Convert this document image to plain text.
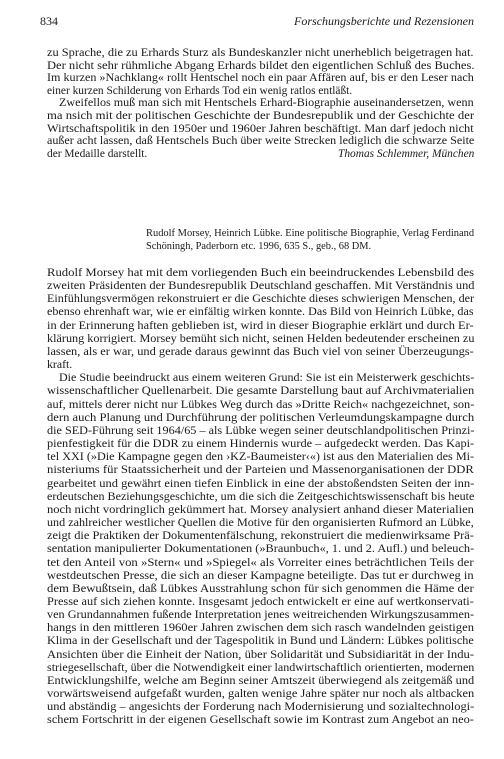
834	Forschungsberichte und Rezensionen
zu Sprache, die zu Erhards Sturz als Bundeskanzler nicht unerheblich beigetragen hat.
Der nicht sehr rühmliche Abgang Erhards bildet den eigentlichen Schluß des Buches.
Im kurzen »Nachklang« rollt Hentschel noch ein paar Affären auf, bis er den Leser nach
einer kurzen Schilderung von Erhards Tod ein wenig ratlos entläßt.
Zweifellos muß man sich mit Hentschels Erhard-Biographie auseinandersetzen, wenn
ma nsich mit der politischen Geschichte der Bundesrepublik und der Geschichte der
Wirtschaftspolitik in den 1950er und 1960er Jahren beschäftigt. Man darf jedoch nicht
außer acht lassen, daß Hentschels Buch über weite Strecken lediglich die schwarze Seite
der Medaille darstellt.	Thomas Schlemmer, München
Rudolf Morsey, Heinrich Lübke. Eine politische Biographie, Verlag Ferdinand
Schöningh, Paderborn etc. 1996, 635 S., geb., 68 DM.
Rudolf Morsey hat mit dem vorliegenden Buch ein beeindruckendes Lebensbild des
zweiten Präsidenten der Bundesrepublik Deutschland geschaffen. Mit Verständnis und
Einfühlungsvermögen rekonstruiert er die Geschichte dieses schwierigen Menschen, der
ebenso ehrenhaft war, wie er einfältig wirken konnte. Das Bild von Heinrich Lübke, das
in der Erinnerung haften geblieben ist, wird in dieser Biographie erklärt und durch Er-
klärung korrigiert. Morsey bemüht sich nicht, seinen Helden bedeutender erscheinen zu
lassen, als er war, und gerade daraus gewinnt das Buch viel von seiner Überzeugungs-
kraft.
Die Studie beeindruckt aus einem weiteren Grund: Sie ist ein Meisterwerk geschichts-
wissenschaftlicher Quellenarbeit. Die gesamte Darstellung baut auf Archivmaterialien
auf, mittels derer nicht nur Lübkes Weg durch das »Dritte Reich« nachgezeichnet, son-
dern auch Planung und Durchführung der politischen Verleumdungskampagne durch
die SED-Führung seit 1964/65 – als Lübke wegen seiner deutschlandpolitischen Prinzi-
pienfestigkeit für die DDR zu einem Hindernis wurde – aufgedeckt werden. Das Kapi-
tel XXI (»Die Kampagne gegen den ›KZ-Baumeister‹«) ist aus den Materialien des Mi-
nisteriums für Staatssicherheit und der Parteien und Massenorganisationen der DDR
gearbeitet und gewährt einen tiefen Einblick in eine der abstoßendsten Seiten der inn-
erdeutschen Beziehungsgeschichte, um die sich die Zeitgeschichtswissenschaft bis heute
noch nicht vordringlich gekümmert hat. Morsey analysiert anhand dieser Materialien
und zahlreicher westlicher Quellen die Motive für den organisierten Rufmord an Lübke,
zeigt die Praktiken der Dokumentenfälschung, rekonstruiert die medienwirksame Prä-
sentation manipulierter Dokumentationen (»Braunbuch«, 1. und 2. Aufl.) und beleuch-
tet den Anteil von »Stern« und »Spiegel« als Vorreiter eines beträchtlichen Teils der
westdeutschen Presse, die sich an dieser Kampagne beteiligte. Das tut er durchweg in
dem Bewußtsein, daß Lübkes Ausstrahlung schon für sich genommen die Häme der
Presse auf sich ziehen konnte. Insgesamt jedoch entwickelt er eine auf wertkonservati-
ven Grundannahmen fußende Interpretation jenes weitreichenden Wirkungszusammen-
hangs in den mittleren 1960er Jahren zwischen dem sich rasch wandelnden geistigen
Klima in der Gesellschaft und der Tagespolitik in Bund und Ländern: Lübkes politische
Ansichten über die Einheit der Nation, über Solidarität und Subsidiarität in der Indu-
striegesellschaft, über die Notwendigkeit einer landwirtschaftlich orientierten, modernen
Entwicklungshilfe, welche am Beginn seiner Amtszeit überwiegend als zeitgemäß und
vorwärtsweisend aufgefaßt wurden, galten wenige Jahre später nur noch als altbacken
und abständig – angesichts der Forderung nach Modernisierung und sozialtechnologi-
schem Fortschritt in der eigenen Gesellschaft sowie im Kontrast zum Angebot an neo-
